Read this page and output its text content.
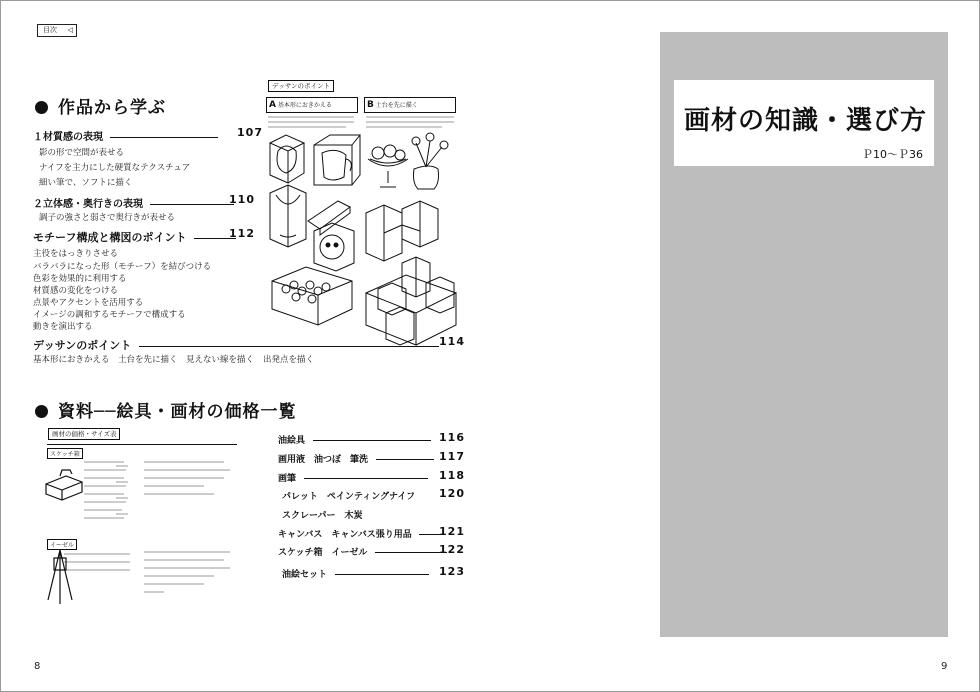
目次	◁
作品から学ぶ
１材質感の表現	107
影の形で空間が表せる
ナイフを主力にした硬質なテクスチュア
細い筆で、ソフトに描く
２立体感・奥行きの表現	110
調子の強さと弱さで奥行きが表せる
モチーフ構成と構図のポイント	112
主役をはっきりさせる
バラバラになった形（モチーフ）を結びつける
色彩を効果的に利用する
材質感の変化をつける
点景やアクセントを活用する
イメージの調和するモチーフで構成する
動きを演出する
デッサンのポイント	114
基本形におきかえる 土台を先に描く 見えない線を描く 出発点を描く
デッサンのポイント
A 基本形におきかえる	B 土台を先に描く
資料──絵具・画材の価格一覧
画材の価格・サイズ表
スケッチ箱
イーゼル
油絵具	116
画用液　油つぼ　筆洗	117
画筆	118
パレット　ペインティングナイフ 120
スクレーパー　木炭
キャンバス　キャンバス張り用品 121
スケッチ箱　イーゼル	122
油絵セット	123
画材の知識・選び方
Ｐ10～Ｐ36
8	9
